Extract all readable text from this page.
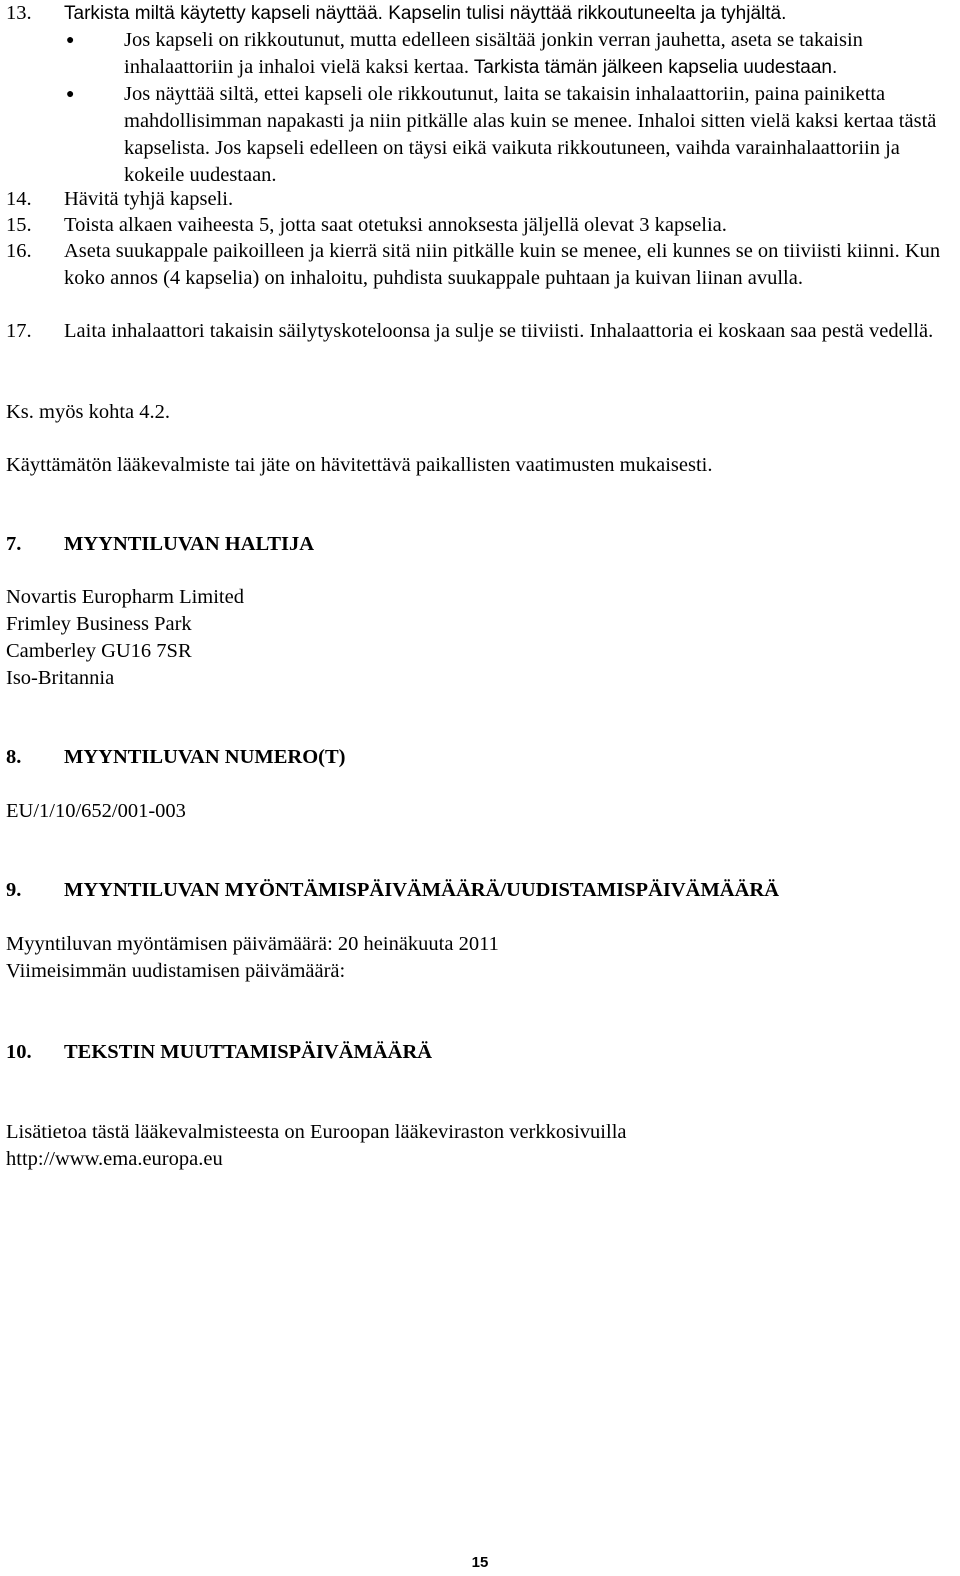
13.	Tarkista miltä käytetty kapseli näyttää. Kapselin tulisi näyttää rikkoutuneelta ja tyhjältä.
●	Jos kapseli on rikkoutunut, mutta edelleen sisältää jonkin verran jauhetta, aseta se takaisin inhalaattoriin ja inhaloi vielä kaksi kertaa. Tarkista tämän jälkeen kapselia uudestaan.
●	Jos näyttää siltä, ettei kapseli ole rikkoutunut, laita se takaisin inhalaattoriin, paina painiketta mahdollisimman napakasti ja niin pitkälle alas kuin se menee. Inhaloi sitten vielä kaksi kertaa tästä kapselista. Jos kapseli edelleen on täysi eikä vaikuta rikkoutuneen, vaihda varainhalaattoriin ja kokeile uudestaan.
14.	Hävitä tyhjä kapseli.
15.	Toista alkaen vaiheesta 5, jotta saat otetuksi annoksesta jäljellä olevat 3 kapselia.
16.	Aseta suukappale paikoilleen ja kierrä sitä niin pitkälle kuin se menee, eli kunnes se on tiiviisti kiinni. Kun koko annos (4 kapselia) on inhaloitu, puhdista suukappale puhtaan ja kuivan liinan avulla.
17.	Laita inhalaattori takaisin säilytyskoteloonsa ja sulje se tiiviisti. Inhalaattoria ei koskaan saa pestä vedellä.

Ks. myös kohta 4.2.

Käyttämätön lääkevalmiste tai jäte on hävitettävä paikallisten vaatimusten mukaisesti.

7.	MYYNTILUVAN HALTIJA
Novartis Europharm Limited
Frimley Business Park
Camberley GU16 7SR
Iso-Britannia
8.	MYYNTILUVAN NUMERO(T)

EU/1/10/652/001-003

9.	MYYNTILUVAN MYÖNTÄMISPÄIVÄMÄÄRÄ/UUDISTAMISPÄIVÄMÄÄRÄ
Myyntiluvan myöntämisen päivämäärä: 20 heinäkuuta 2011
Viimeisimmän uudistamisen päivämäärä:
10.	TEKSTIN MUUTTAMISPÄIVÄMÄÄRÄ
Lisätietoa tästä lääkevalmisteesta on Euroopan lääkeviraston verkkosivuilla
http://www.ema.europa.eu
15
